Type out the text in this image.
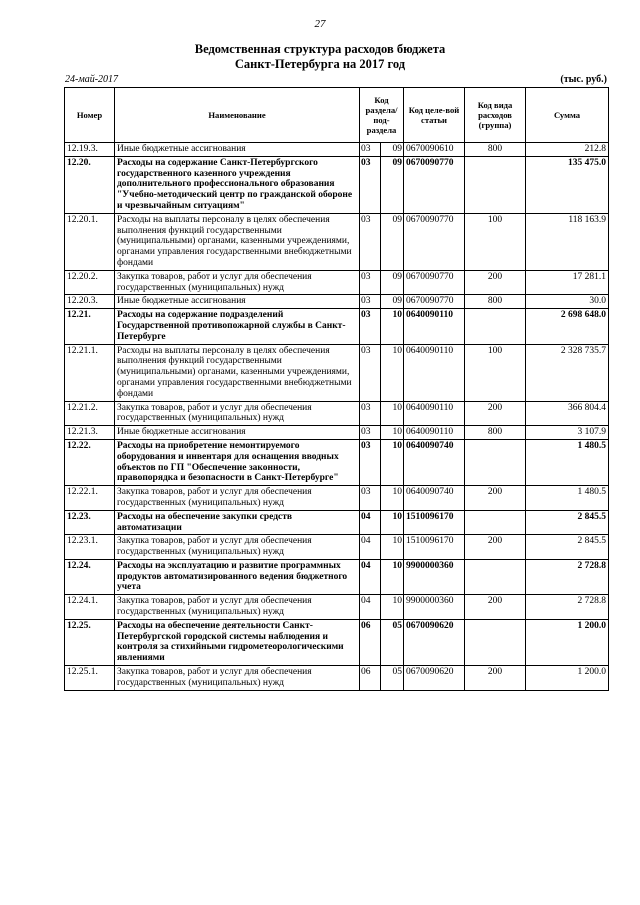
27
Ведомственная структура расходов бюджета
Санкт-Петербурга на 2017 год
24-май-2017	(тыс. руб.)
Номер	Наименование	Код раздела/ под-раздела		Код целе-вой статьи	Код вида расходов (группа)	Сумма
12.19.3.	Иные бюджетные ассигнования	03	09	0670090610	800	212.8
12.20.	Расходы на содержание Санкт-Петербургского государственного казенного учреждения дополнительного профессионального образования "Учебно-методический центр по гражданской обороне и чрезвычайным ситуациям"	03	09	0670090770		135 475.0
12.20.1.	Расходы на выплаты персоналу в целях обеспечения выполнения функций государственными (муниципальными) органами, казенными учреждениями, органами управления государственными внебюджетными фондами	03	09	0670090770	100	118 163.9
12.20.2.	Закупка товаров, работ и услуг для обеспечения государственных (муниципальных) нужд	03	09	0670090770	200	17 281.1
12.20.3.	Иные бюджетные ассигнования	03	09	0670090770	800	30.0
12.21.	Расходы на содержание подразделений Государственной противопожарной службы в Санкт-Петербурге	03	10	0640090110		2 698 648.0
12.21.1.	Расходы на выплаты персоналу в целях обеспечения выполнения функций государственными (муниципальными) органами, казенными учреждениями, органами управления государственными внебюджетными фондами	03	10	0640090110	100	2 328 735.7
12.21.2.	Закупка товаров, работ и услуг для обеспечения государственных (муниципальных) нужд	03	10	0640090110	200	366 804.4
12.21.3.	Иные бюджетные ассигнования	03	10	0640090110	800	3 107.9
12.22.	Расходы на приобретение немонтируемого оборудования и инвентаря для оснащения вводных объектов по ГП "Обеспечение законности, правопорядка и безопасности в Санкт-Петербурге"	03	10	0640090740		1 480.5
12.22.1.	Закупка товаров, работ и услуг для обеспечения государственных (муниципальных) нужд	03	10	0640090740	200	1 480.5
12.23.	Расходы на обеспечение закупки средств автоматизации	04	10	1510096170		2 845.5
12.23.1.	Закупка товаров, работ и услуг для обеспечения государственных (муниципальных) нужд	04	10	1510096170	200	2 845.5
12.24.	Расходы на эксплуатацию и развитие программных продуктов автоматизированного ведения бюджетного учета	04	10	9900000360		2 728.8
12.24.1.	Закупка товаров, работ и услуг для обеспечения государственных (муниципальных) нужд	04	10	9900000360	200	2 728.8
12.25.	Расходы на обеспечение деятельности Санкт-Петербургской городской системы наблюдения и контроля за стихийными гидрометеорологическими явлениями	06	05	0670090620		1 200.0
12.25.1.	Закупка товаров, работ и услуг для обеспечения государственных (муниципальных) нужд	06	05	0670090620	200	1 200.0
